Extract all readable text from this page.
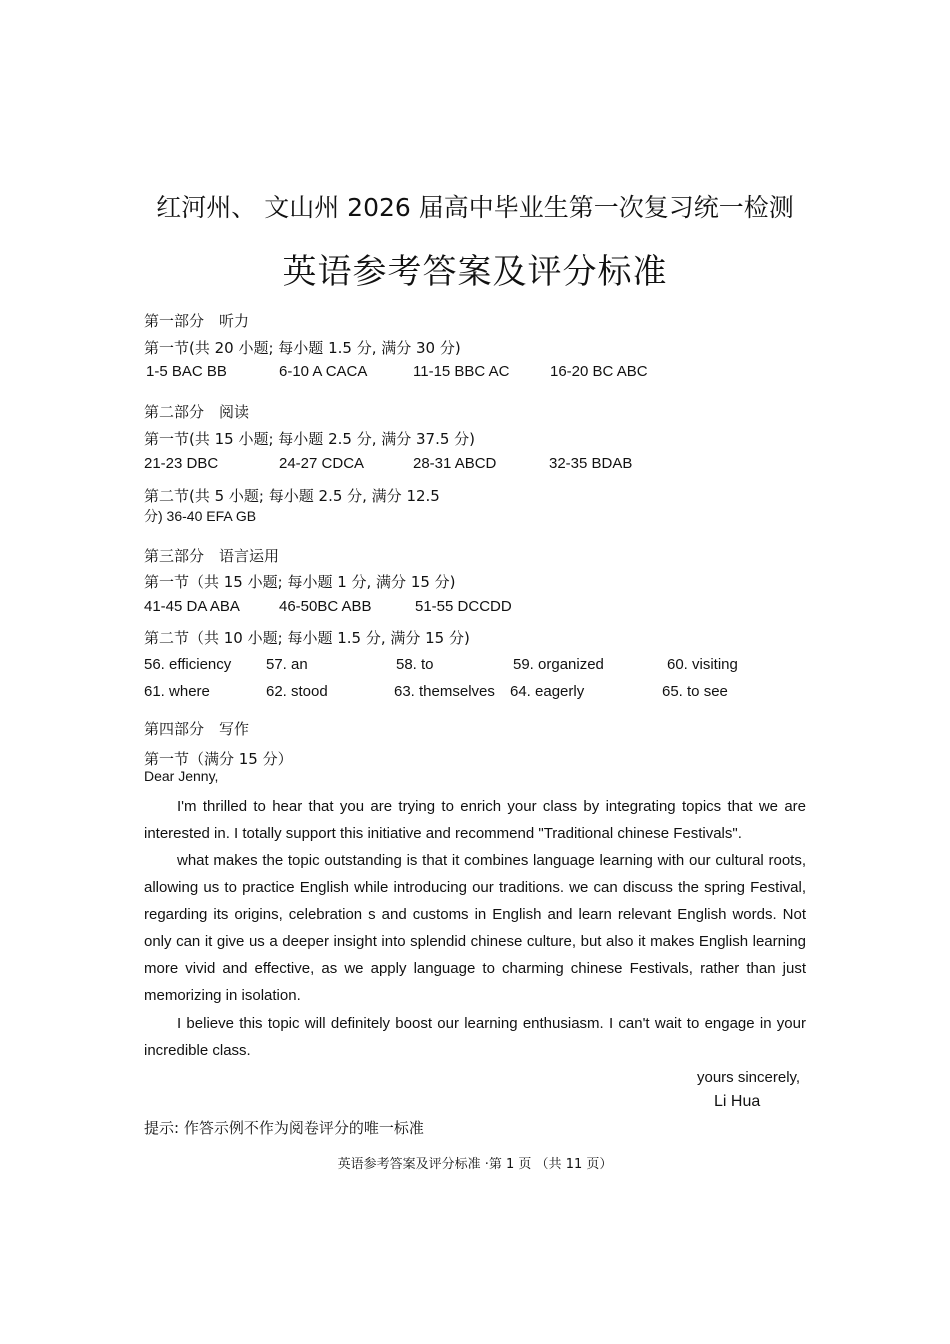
红河州、 文山州 2026 届高中毕业生第一次复习统一检测
英语参考答案及评分标准
第一部分　听力
第一节(共 20 小题; 每小题 1.5 分, 满分 30 分)
1-5 BAC BB	6-10 A CACA	11-15 BBC AC	16-20 BC ABC
第二部分　阅读
第一节(共 15 小题; 每小题 2.5 分, 满分 37.5 分)
21-23 DBC	24-27 CDCA	28-31 ABCD	32-35 BDAB
第二节(共 5 小题; 每小题 2.5 分, 满分 12.5
分) 36-40 EFA GB
第三部分　语言运用
第一节（共 15 小题; 每小题 1 分, 满分 15 分)
41-45 DA ABA	46-50BC ABB	51-55 DCCDD
第二节（共 10 小题; 每小题 1.5 分, 满分 15 分)
56. efficiency 57. an	58. to	59. organized	60. visiting
61. where	62. stood	63. themselves 64. eagerly	65. to see
第四部分　写作
第一节（满分 15 分）
Dear Jenny,
I'm thrilled to hear that you are trying to enrich your class by integrating topics that we are interested in. I totally support this initiative and recommend "Traditional chinese Festivals".
what makes the topic outstanding is that it combines language learning with our cultural roots, allowing us to practice English while introducing our traditions. we can discuss the spring Festival, regarding its origins, celebration s and customs in English and learn relevant English words. Not only can it give us a deeper insight into splendid chinese culture, but also it makes English learning more vivid and effective, as we apply language to charming chinese Festivals, rather than just memorizing in isolation.
I believe this topic will definitely boost our learning enthusiasm. I can't wait to engage in your incredible class.
yours sincerely,
Li Hua
提示: 作答示例不作为阅卷评分的唯一标准
英语参考答案及评分标准 ·第 1 页 （共 11 页）
